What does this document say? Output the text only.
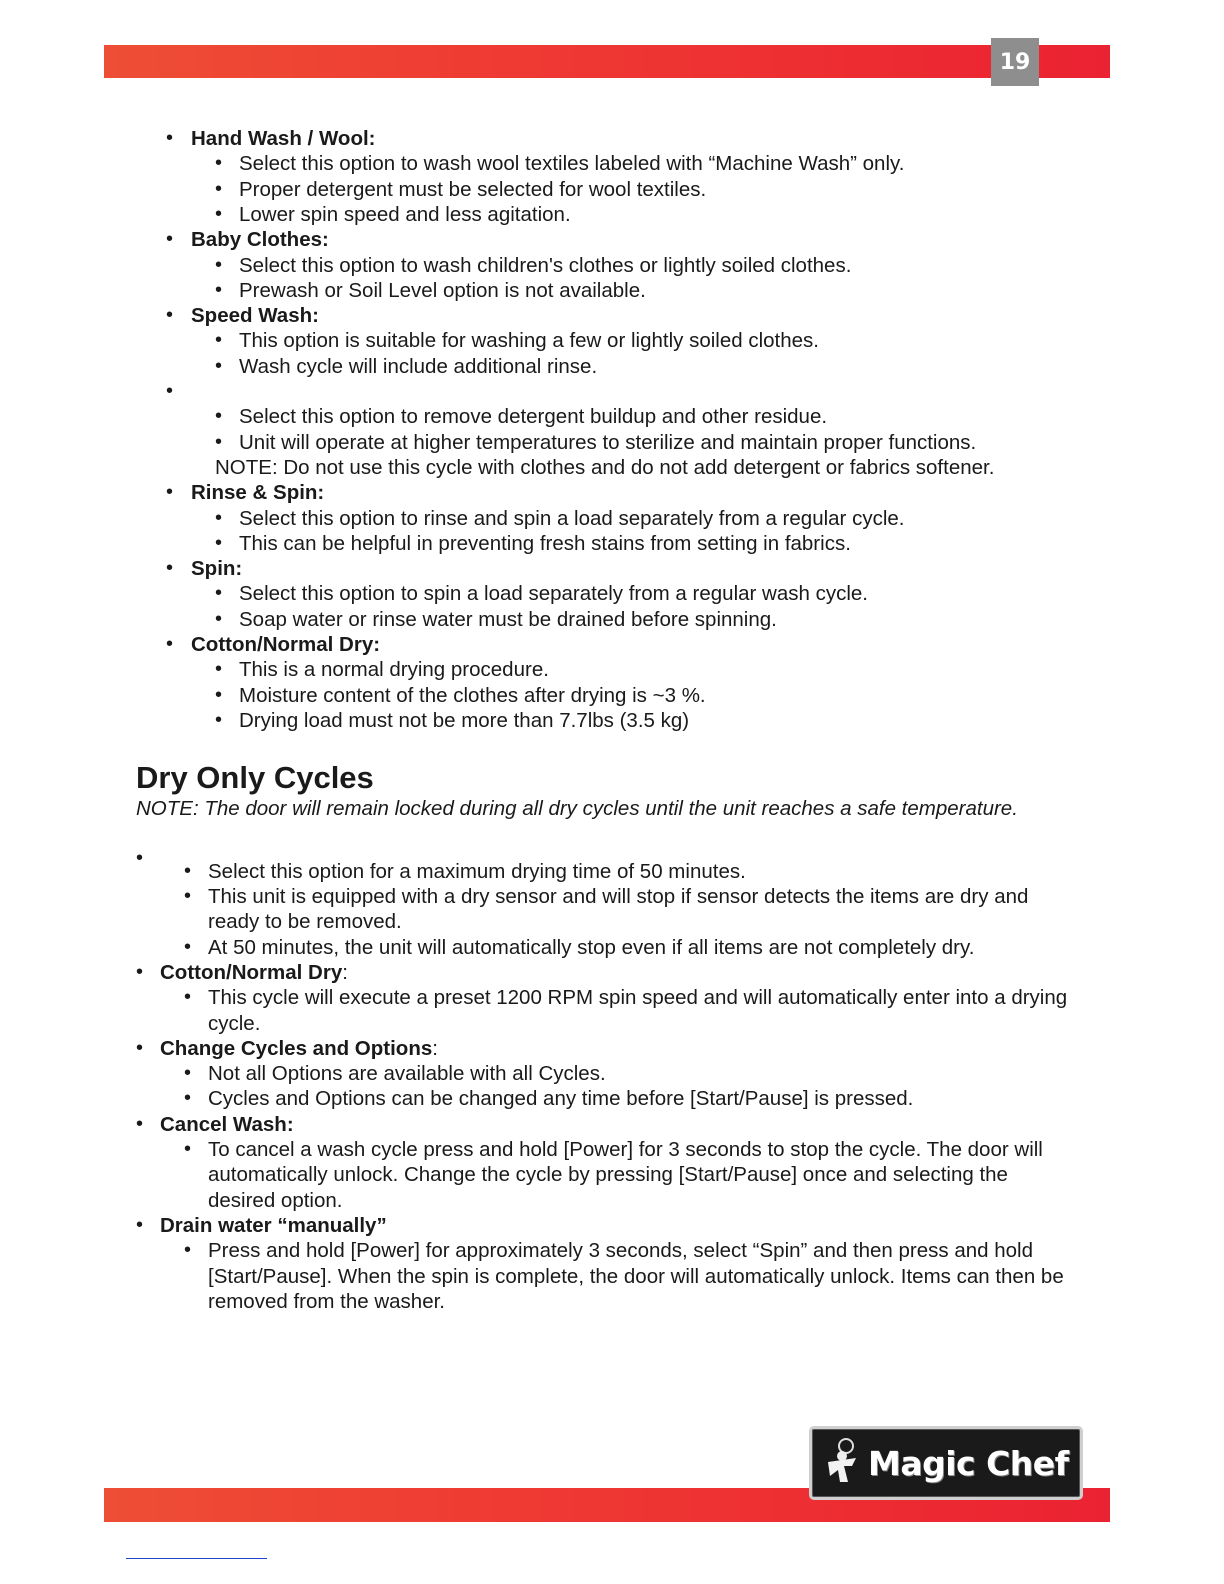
19
• Hand Wash / Wool:
• Select this option to wash wool textiles labeled with “Machine Wash” only.
• Proper detergent must be selected for wool textiles.
• Lower spin speed and less agitation.
• Baby Clothes:
• Select this option to wash children's clothes or lightly soiled clothes.
• Prewash or Soil Level option is not available.
• Speed Wash:
• This option is suitable for washing a few or lightly soiled clothes.
• Wash cycle will include additional rinse.
•
• Select this option to remove detergent buildup and other residue.
• Unit will operate at higher temperatures to sterilize and maintain proper functions.
NOTE: Do not use this cycle with clothes and do not add detergent or fabrics softener.
• Rinse & Spin:
• Select this option to rinse and spin a load separately from a regular cycle.
• This can be helpful in preventing fresh stains from setting in fabrics.
• Spin:
• Select this option to spin a load separately from a regular wash cycle.
• Soap water or rinse water must be drained before spinning.
• Cotton/Normal Dry:
• This is a normal drying procedure.
• Moisture content of the clothes after drying is ~3 %.
• Drying load must not be more than 7.7lbs (3.5 kg)
Dry Only Cycles
NOTE: The door will remain locked during all dry cycles until the unit reaches a safe temperature.
•
• Select this option for a maximum drying time of 50 minutes.
• This unit is equipped with a dry sensor and will stop if sensor detects the items are dry and
ready to be removed.
• At 50 minutes, the unit will automatically stop even if all items are not completely dry.
• Cotton/Normal Dry:
• This cycle will execute a preset 1200 RPM spin speed and will automatically enter into a drying
cycle.
• Change Cycles and Options:
• Not all Options are available with all Cycles.
• Cycles and Options can be changed any time before [Start/Pause] is pressed.
• Cancel Wash:
• To cancel a wash cycle press and hold [Power] for 3 seconds to stop the cycle. The door will
automatically unlock. Change the cycle by pressing [Start/Pause] once and selecting the
desired option.
• Drain water “manually”
• Press and hold [Power] for approximately 3 seconds, select “Spin” and then press and hold
[Start/Pause]. When the spin is complete, the door will automatically unlock. Items can then be
removed from the washer.
Magic Chef
